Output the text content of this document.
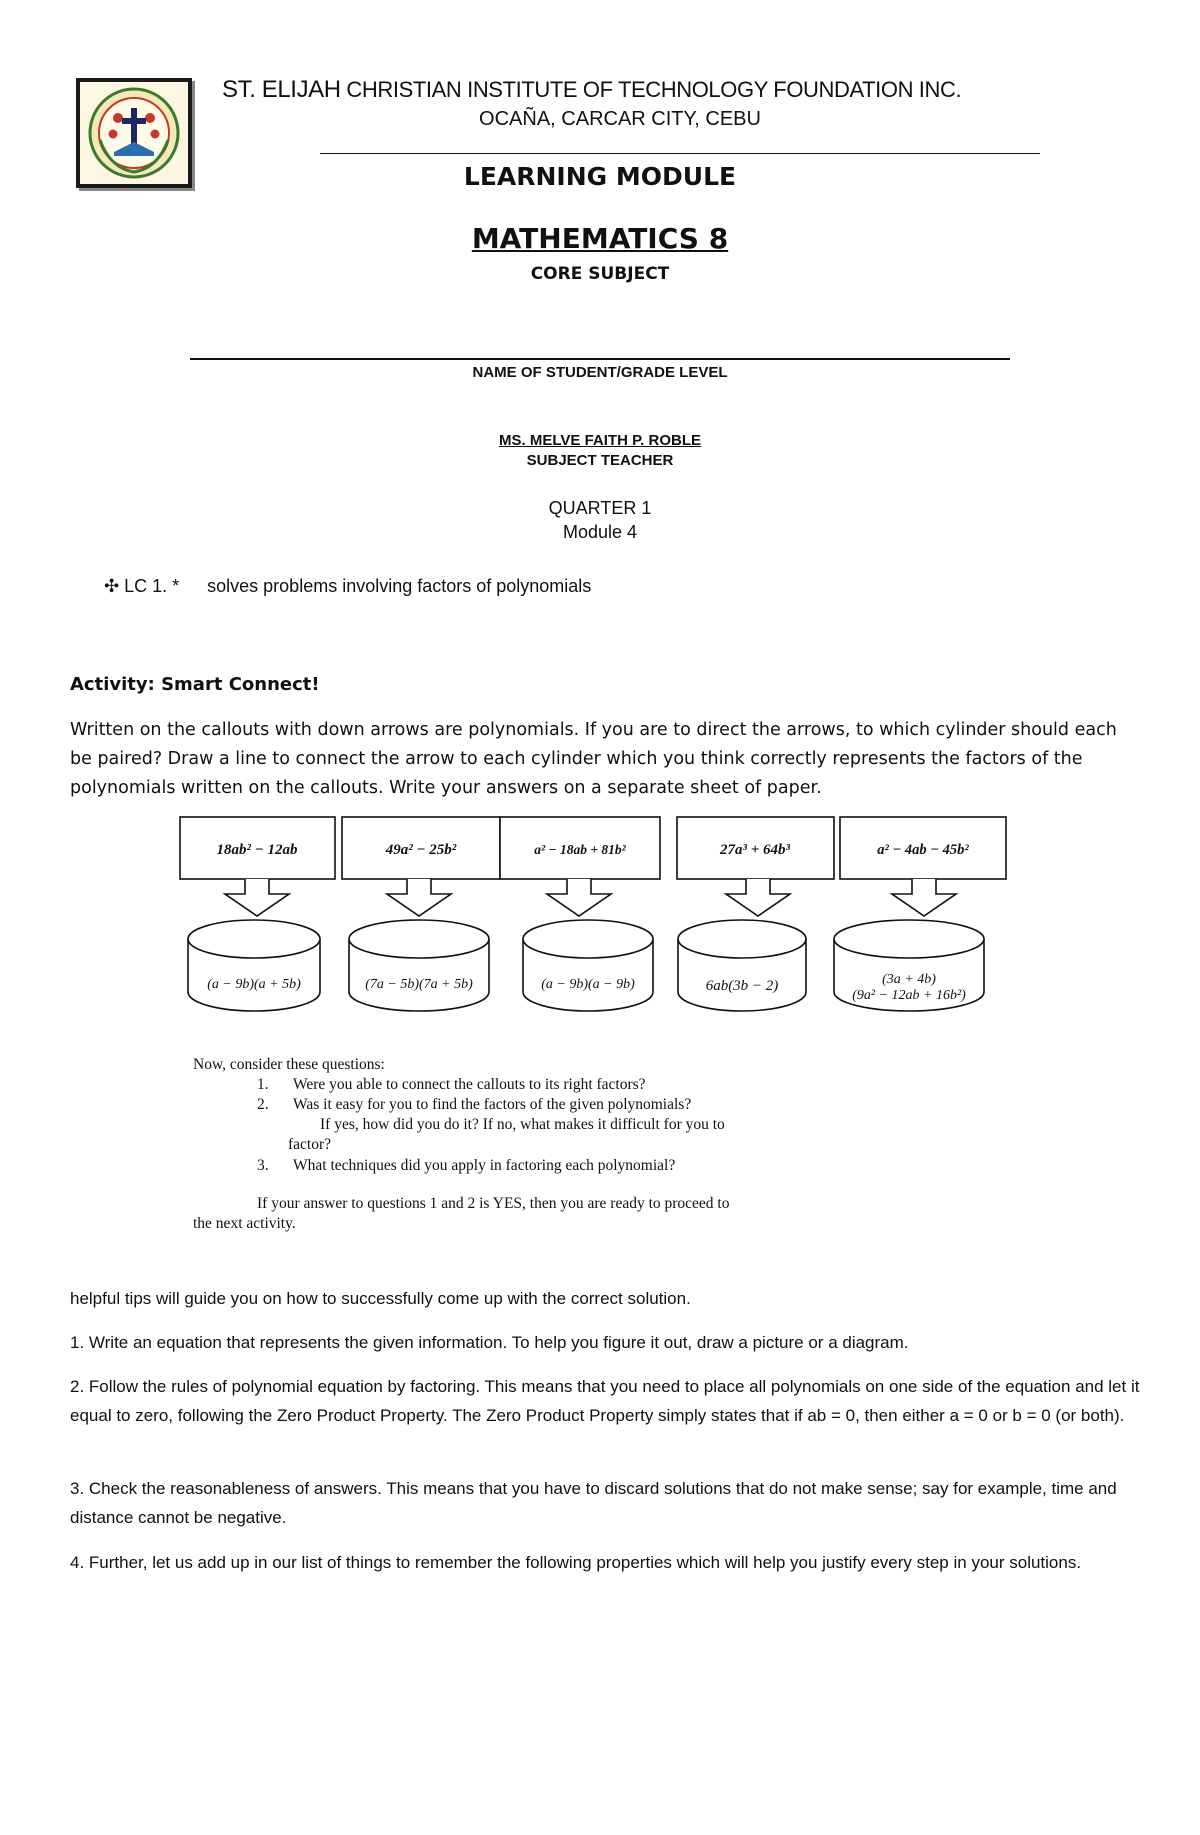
ST. ELIJAH CHRISTIAN INSTITUTE OF TECHNOLOGY FOUNDATION INC.
OCAÑA, CARCAR CITY, CEBU
LEARNING MODULE
MATHEMATICS 8
CORE SUBJECT
NAME OF STUDENT/GRADE LEVEL
MS. MELVE FAITH P. ROBLE
SUBJECT TEACHER
QUARTER 1
Module 4
✣ LC 1. * solves problems involving factors of polynomials
Activity: Smart Connect!
Written on the callouts with down arrows are polynomials. If you are to direct the arrows, to which cylinder should each be paired? Draw a line to connect the arrow to each cylinder which you think correctly represents the factors of the polynomials written on the callouts. Write your answers on a separate sheet of paper.
18ab² − 12ab	49a² − 25b²	a² − 18ab + 81b²	27a³ + 64b³	a² − 4ab − 45b²
(a − 9b)(a + 5b)	(7a − 5b)(7a + 5b)	(a − 9b)(a − 9b)	6ab(3b − 2)	(3a + 4b)
(9a² − 12ab + 16b²)
Now, consider these questions:
1. Were you able to connect the callouts to its right factors?
2. Was it easy for you to find the factors of the given polynomials?
If yes, how did you do it? If no, what makes it difficult for you to
factor?
3. What techniques did you apply in factoring each polynomial?
If your answer to questions 1 and 2 is YES, then you are ready to proceed to
the next activity.
helpful tips will guide you on how to successfully come up with the correct solution.
1. Write an equation that represents the given information. To help you figure it out, draw a picture or a diagram.
2. Follow the rules of polynomial equation by factoring. This means that you need to place all polynomials on one side of the equation and let it equal to zero, following the Zero Product Property. The Zero Product Property simply states that if ab = 0, then either a = 0 or b = 0 (or both).
3. Check the reasonableness of answers. This means that you have to discard solutions that do not make sense; say for example, time and distance cannot be negative.
4. Further, let us add up in our list of things to remember the following properties which will help you justify every step in your solutions.
